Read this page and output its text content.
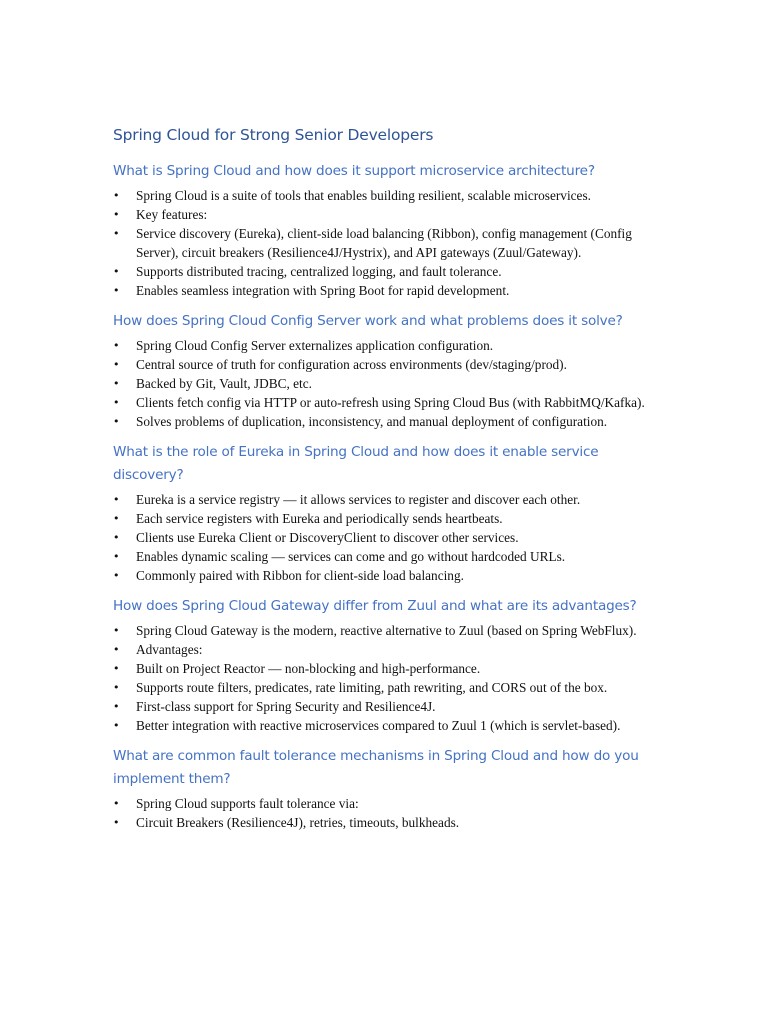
Spring Cloud for Strong Senior Developers
What is Spring Cloud and how does it support microservice architecture?
• Spring Cloud is a suite of tools that enables building resilient, scalable microservices.
• Key features:
• Service discovery (Eureka), client-side load balancing (Ribbon), config management (Config Server), circuit breakers (Resilience4J/Hystrix), and API gateways (Zuul/Gateway).
• Supports distributed tracing, centralized logging, and fault tolerance.
• Enables seamless integration with Spring Boot for rapid development.
How does Spring Cloud Config Server work and what problems does it solve?
• Spring Cloud Config Server externalizes application configuration.
• Central source of truth for configuration across environments (dev/staging/prod).
• Backed by Git, Vault, JDBC, etc.
• Clients fetch config via HTTP or auto-refresh using Spring Cloud Bus (with RabbitMQ/Kafka).
• Solves problems of duplication, inconsistency, and manual deployment of configuration.
What is the role of Eureka in Spring Cloud and how does it enable service discovery?
• Eureka is a service registry — it allows services to register and discover each other.
• Each service registers with Eureka and periodically sends heartbeats.
• Clients use Eureka Client or DiscoveryClient to discover other services.
• Enables dynamic scaling — services can come and go without hardcoded URLs.
• Commonly paired with Ribbon for client-side load balancing.
How does Spring Cloud Gateway differ from Zuul and what are its advantages?
• Spring Cloud Gateway is the modern, reactive alternative to Zuul (based on Spring WebFlux).
• Advantages:
• Built on Project Reactor — non-blocking and high-performance.
• Supports route filters, predicates, rate limiting, path rewriting, and CORS out of the box.
• First-class support for Spring Security and Resilience4J.
• Better integration with reactive microservices compared to Zuul 1 (which is servlet-based).
What are common fault tolerance mechanisms in Spring Cloud and how do you implement them?
• Spring Cloud supports fault tolerance via:
• Circuit Breakers (Resilience4J), retries, timeouts, bulkheads.
